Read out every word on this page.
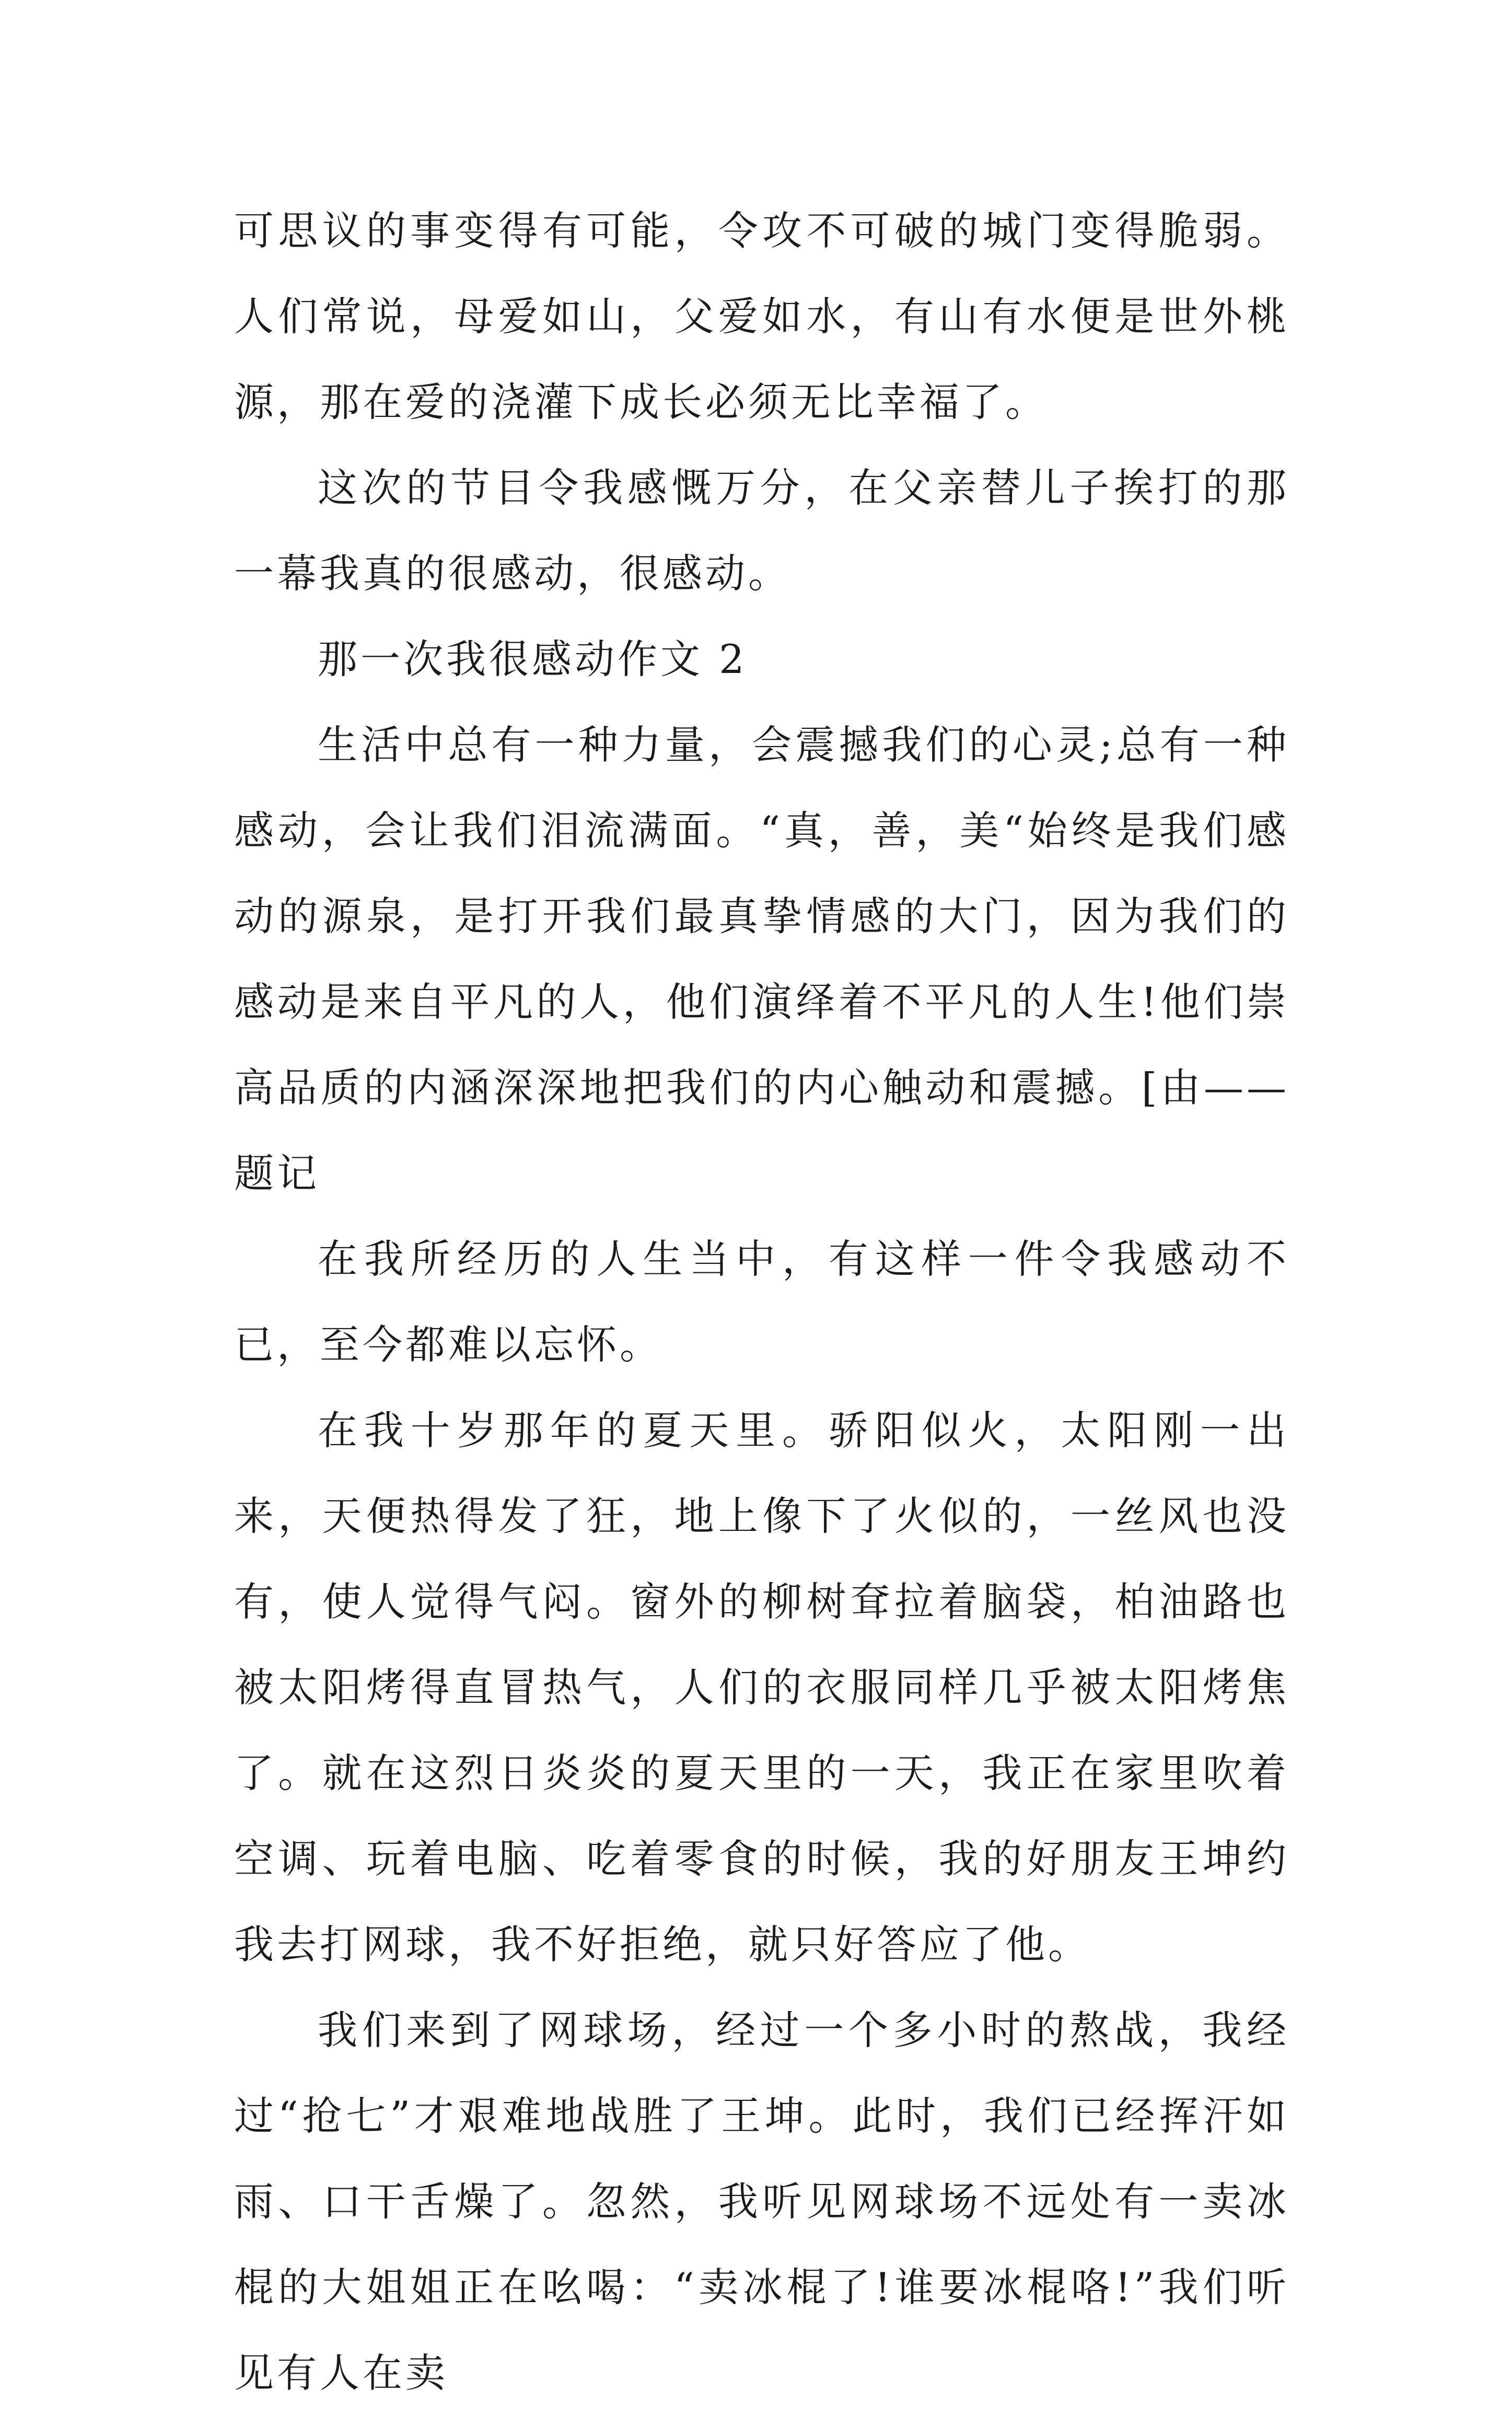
可思议的事变得有可能，令攻不可破的城门变得脆弱。人们常说，母爱如山，父爱如水，有山有水便是世外桃源，那在爱的浇灌下成长必须无比幸福了。

这次的节目令我感慨万分，在父亲替儿子挨打的那一幕我真的很感动，很感动。

那一次我很感动作文 2

生活中总有一种力量，会震撼我们的心灵;总有一种感动，会让我们泪流满面。“真，善，美“始终是我们感动的源泉，是打开我们最真挚情感的大门，因为我们的感动是来自平凡的人，他们演绎着不平凡的人生!他们崇高品质的内涵深深地把我们的内心触动和震撼。[由——题记

在我所经历的人生当中，有这样一件令我感动不已，至今都难以忘怀。

在我十岁那年的夏天里。骄阳似火，太阳刚一出来，天便热得发了狂，地上像下了火似的，一丝风也没有，使人觉得气闷。窗外的柳树耷拉着脑袋，柏油路也被太阳烤得直冒热气，人们的衣服同样几乎被太阳烤焦了。就在这烈日炎炎的夏天里的一天，我正在家里吹着空调、玩着电脑、吃着零食的时候，我的好朋友王坤约我去打网球，我不好拒绝，就只好答应了他。

我们来到了网球场，经过一个多小时的熬战，我经过“抢七”才艰难地战胜了王坤。此时，我们已经挥汗如雨、口干舌燥了。忽然，我听见网球场不远处有一卖冰棍的大姐姐正在吆喝：“卖冰棍了!谁要冰棍咯!”我们听见有人在卖
